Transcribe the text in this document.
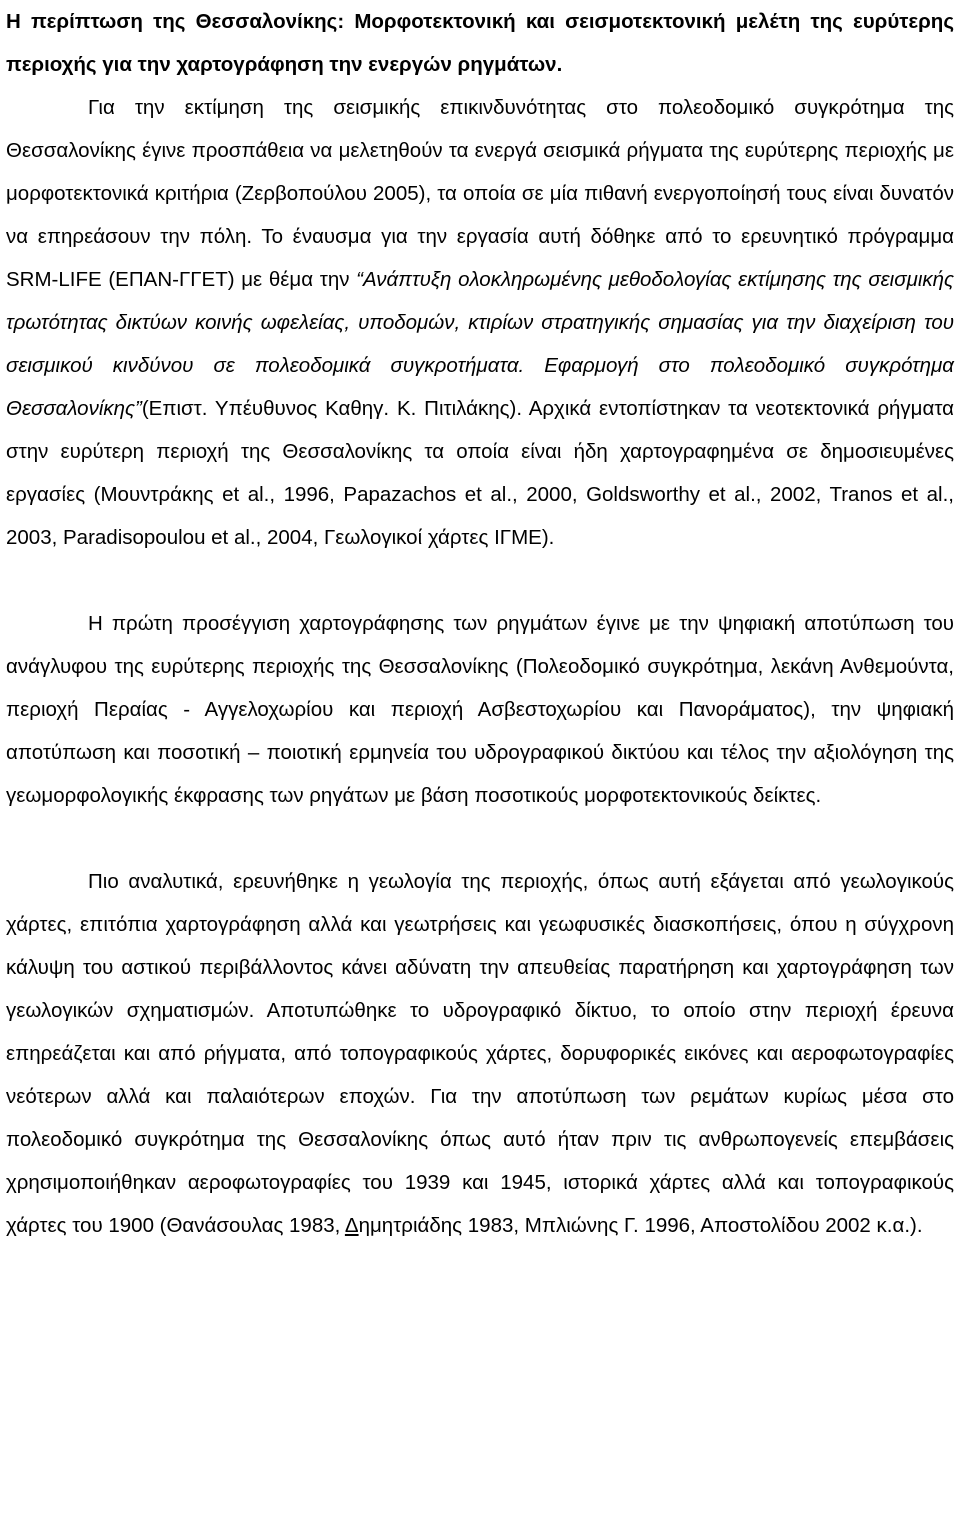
Η περίπτωση της Θεσσαλονίκης: Μορφοτεκτονική και σεισμοτεκτονική μελέτη της ευρύτερης περιοχής για την χαρτογράφηση την ενεργών ρηγμάτων.

Για την εκτίμηση της σεισμικής επικινδυνότητας στο πολεοδομικό συγκρότημα της Θεσσαλονίκης έγινε προσπάθεια να μελετηθούν τα ενεργά σεισμικά ρήγματα της ευρύτερης περιοχής με μορφοτεκτονικά κριτήρια (Ζερβοπούλου 2005), τα οποία σε μία πιθανή ενεργοποίησή τους είναι δυνατόν να επηρεάσουν την πόλη. Το έναυσμα για την εργασία αυτή δόθηκε από το ερευνητικό πρόγραμμα SRM-LIFE (ΕΠΑΝ-ΓΓΕΤ) με θέμα την “Ανάπτυξη ολοκληρωμένης μεθοδολογίας εκτίμησης της σεισμικής τρωτότητας δικτύων κοινής ωφελείας, υποδομών, κτιρίων στρατηγικής σημασίας για την διαχείριση του σεισμικού κινδύνου σε πολεοδομικά συγκροτήματα. Εφαρμογή στο πολεοδομικό συγκρότημα Θεσσαλονίκης”(Επιστ. Υπέυθυνος Καθηγ. Κ. Πιτιλάκης). Αρχικά εντοπίστηκαν τα νεοτεκτονικά ρήγματα στην ευρύτερη περιοχή της Θεσσαλονίκης τα οποία είναι ήδη χαρτογραφημένα σε δημοσιευμένες εργασίες (Μουντράκης et al., 1996, Papazachos et al., 2000, Goldsworthy et al., 2002, Tranos et al., 2003, Paradisopoulou et al., 2004, Γεωλογικοί χάρτες ΙΓΜΕ).

Η πρώτη προσέγγιση χαρτογράφησης των ρηγμάτων έγινε με την ψηφιακή αποτύπωση του ανάγλυφου της ευρύτερης περιοχής της Θεσσαλονίκης (Πολεοδομικό συγκρότημα, λεκάνη Ανθεμούντα, περιοχή Περαίας - Αγγελοχωρίου και περιοχή Ασβεστοχωρίου και Πανοράματος), την ψηφιακή αποτύπωση και ποσοτική – ποιοτική ερμηνεία του υδρογραφικού δικτύου και τέλος την αξιολόγηση της γεωμορφολογικής έκφρασης των ρηγάτων με βάση ποσοτικούς μορφοτεκτονικούς δείκτες.

Πιο αναλυτικά, ερευνήθηκε η γεωλογία της περιοχής, όπως αυτή εξάγεται από γεωλογικούς χάρτες, επιτόπια χαρτογράφηση αλλά και γεωτρήσεις και γεωφυσικές διασκοπήσεις, όπου η σύγχρονη κάλυψη του αστικού περιβάλλοντος κάνει αδύνατη την απευθείας παρατήρηση και χαρτογράφηση των γεωλογικών σχηματισμών. Αποτυπώθηκε το υδρογραφικό δίκτυο, το οποίο στην περιοχή έρευνα επηρεάζεται και από ρήγματα, από τοπογραφικούς χάρτες, δορυφορικές εικόνες και αεροφωτογραφίες νεότερων αλλά και παλαιότερων εποχών. Για την αποτύπωση των ρεμάτων κυρίως μέσα στο πολεοδομικό συγκρότημα της Θεσσαλονίκης όπως αυτό ήταν πριν τις ανθρωπογενείς επεμβάσεις χρησιμοποιήθηκαν αεροφωτογραφίες του 1939 και 1945, ιστορικά χάρτες αλλά και τοπογραφικούς χάρτες του 1900 (Θανάσουλας 1983, Δημητριάδης 1983, Μπλιώνης Γ. 1996, Αποστολίδου 2002 κ.α.).
